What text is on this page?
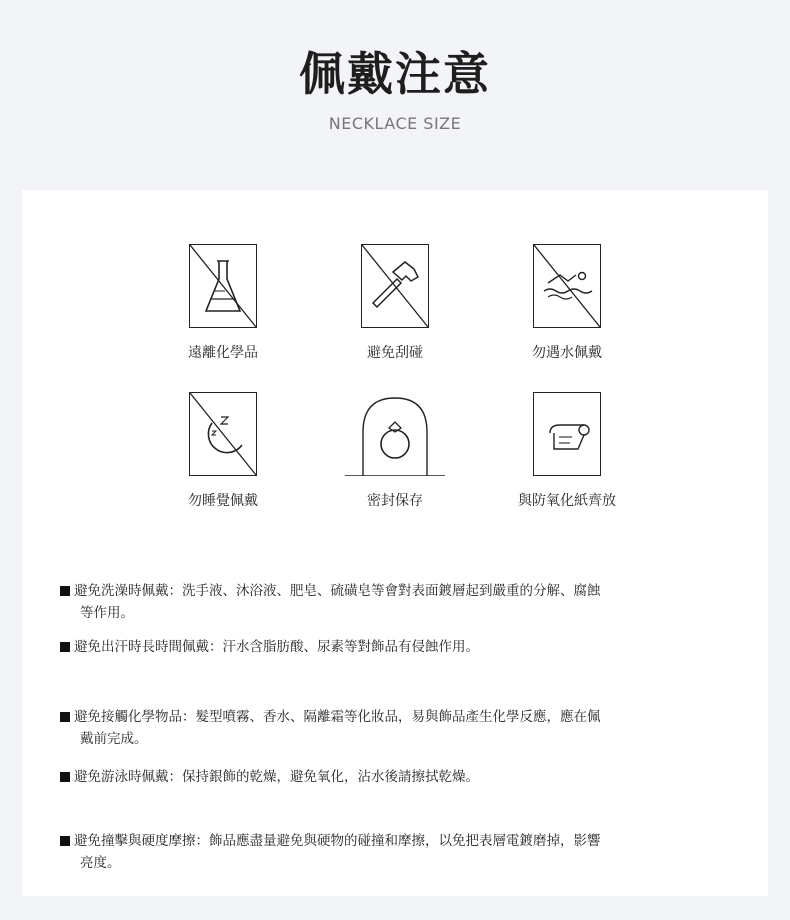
佩戴注意
NECKLACE SIZE
遠離化學品	避免刮碰	勿遇水佩戴
勿睡覺佩戴	密封保存	與防氧化紙齊放
避免洗澡時佩戴：洗手液、沐浴液、肥皂、硫磺皂等會對表面鍍層起到嚴重的分解、腐蝕
等作用。
避免出汗時長時間佩戴：汗水含脂肪酸、尿素等對飾品有侵蝕作用。
避免接觸化學物品：髮型噴霧、香水、隔離霜等化妝品，易與飾品產生化學反應，應在佩
戴前完成。
避免游泳時佩戴：保持銀飾的乾燥，避免氧化，沾水後請擦拭乾燥。
避免撞擊與硬度摩擦：飾品應盡量避免與硬物的碰撞和摩擦，以免把表層電鍍磨掉，影響
亮度。
